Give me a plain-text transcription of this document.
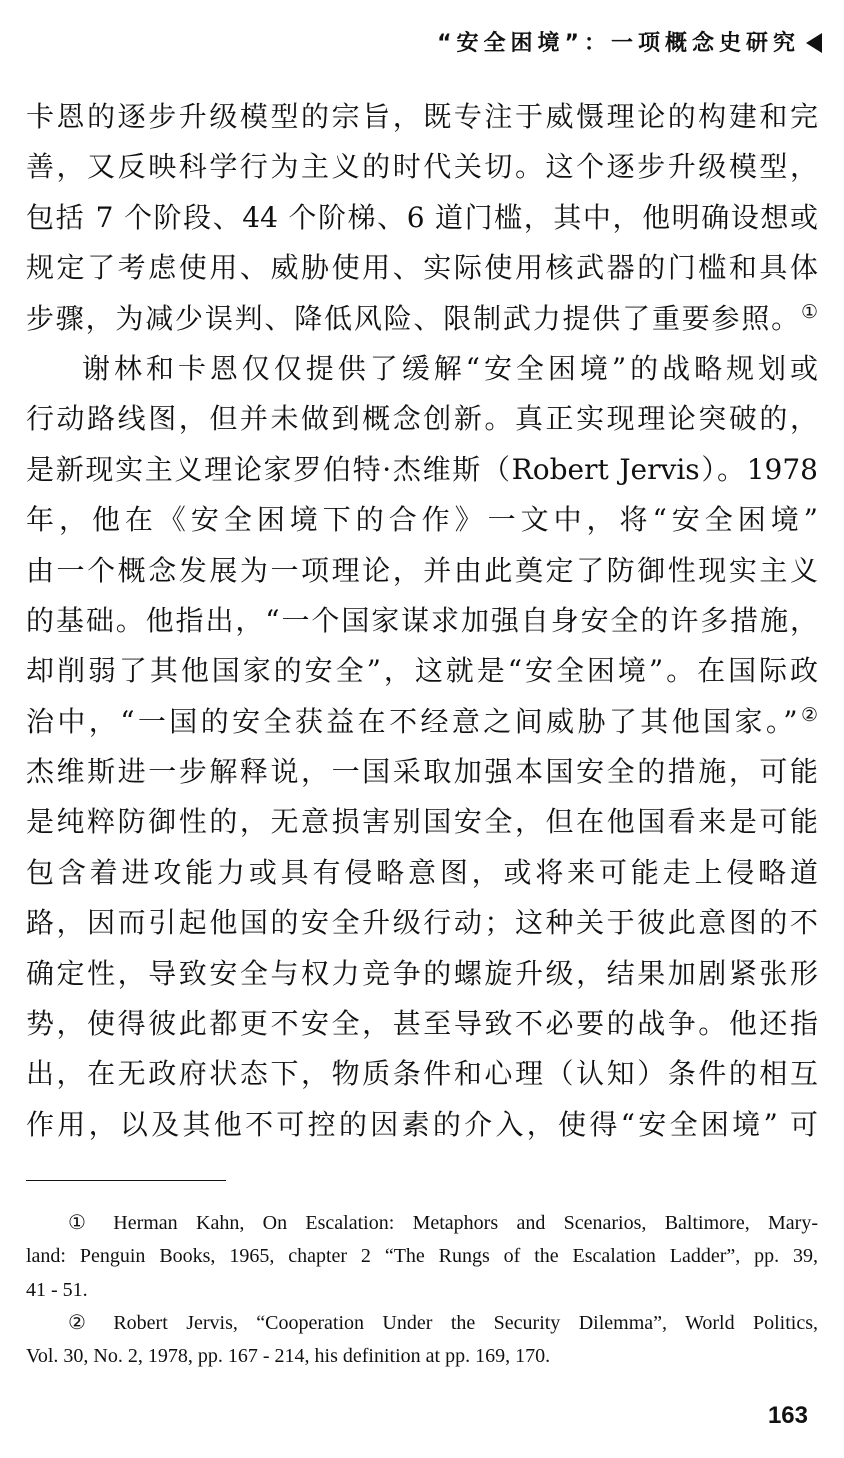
“安全困境”：一项概念史研究
卡恩的逐步升级模型的宗旨，既专注于威慑理论的构建和完
善，又反映科学行为主义的时代关切。这个逐步升级模型，
包括 7 个阶段、44 个阶梯、6 道门槛，其中，他明确设想或
规定了考虑使用、威胁使用、实际使用核武器的门槛和具体
步骤，为减少误判、降低风险、限制武力提供了重要参照。①
谢林和卡恩仅仅提供了缓解“安全困境”的战略规划或
行动路线图，但并未做到概念创新。真正实现理论突破的，
是新现实主义理论家罗伯特·杰维斯（Robert Jervis）。1978
年，他在《安全困境下的合作》一文中，将“安全困境”
由一个概念发展为一项理论，并由此奠定了防御性现实主义
的基础。他指出，“一个国家谋求加强自身安全的许多措施，
却削弱了其他国家的安全”，这就是“安全困境”。在国际政
治中，“一国的安全获益在不经意之间威胁了其他国家。”②
杰维斯进一步解释说，一国采取加强本国安全的措施，可能
是纯粹防御性的，无意损害别国安全，但在他国看来是可能
包含着进攻能力或具有侵略意图，或将来可能走上侵略道
路，因而引起他国的安全升级行动；这种关于彼此意图的不
确定性，导致安全与权力竞争的螺旋升级，结果加剧紧张形
势，使得彼此都更不安全，甚至导致不必要的战争。他还指
出，在无政府状态下，物质条件和心理（认知）条件的相互
作用，以及其他不可控的因素的介入，使得“安全困境” 可
① Herman Kahn, On Escalation: Metaphors and Scenarios, Baltimore, Mary-
land: Penguin Books, 1965, chapter 2 “The Rungs of the Escalation Ladder”, pp. 39,
41 - 51.
② Robert Jervis, “Cooperation Under the Security Dilemma”, World Politics,
Vol. 30, No. 2, 1978, pp. 167 - 214, his definition at pp. 169, 170.
163
